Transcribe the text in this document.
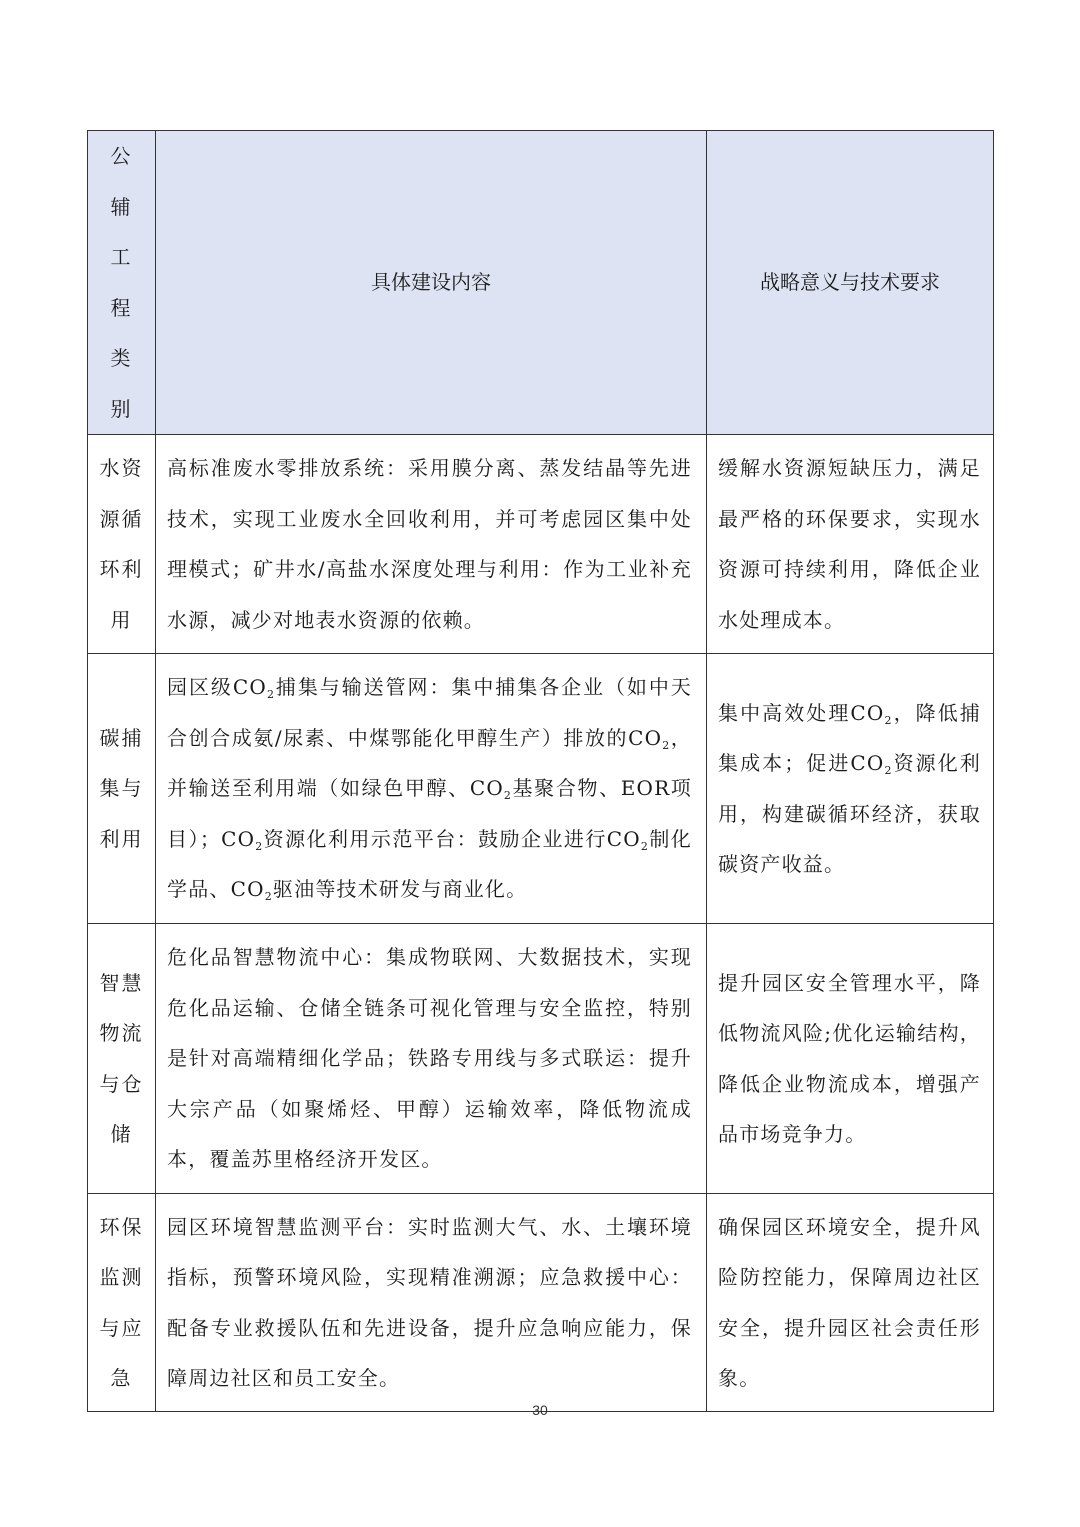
公辅工程类别	具体建设内容	战略意义与技术要求

水资源循环利用	高标准废水零排放系统：采用膜分离、蒸发结晶等先进技术，实现工业废水全回收利用，并可考虑园区集中处理模式；矿井水/高盐水深度处理与利用：作为工业补充水源，减少对地表水资源的依赖。	缓解水资源短缺压力，满足最严格的环保要求，实现水资源可持续利用，降低企业水处理成本。

碳捕集与利用	园区级$CO_2$捕集与输送管网：集中捕集各企业（如中天合创合成氨/尿素、中煤鄂能化甲醇生产）排放的$CO_2$，并输送至利用端（如绿色甲醇、$CO_2$基聚合物、EOR项目）；$CO_2$资源化利用示范平台：鼓励企业进行$CO_2$制化学品、$CO_2$驱油等技术研发与商业化。	集中高效处理$CO_2$，降低捕集成本；促进$CO_2$资源化利用，构建碳循环经济，获取碳资产收益。

智慧物流与仓储	危化品智慧物流中心：集成物联网、大数据技术，实现危化品运输、仓储全链条可视化管理与安全监控，特别是针对高端精细化学品；铁路专用线与多式联运：提升大宗产品（如聚烯烃、甲醇）运输效率，降低物流成本，覆盖苏里格经济开发区。	提升园区安全管理水平，降低物流风险;优化运输结构，降低企业物流成本，增强产品市场竞争力。

环保监测与应急	园区环境智慧监测平台：实时监测大气、水、土壤环境指标，预警环境风险，实现精准溯源；应急救援中心：配备专业救援队伍和先进设备，提升应急响应能力，保障周边社区和员工安全。	确保园区环境安全，提升风险防控能力，保障周边社区安全，提升园区社会责任形象。
30
